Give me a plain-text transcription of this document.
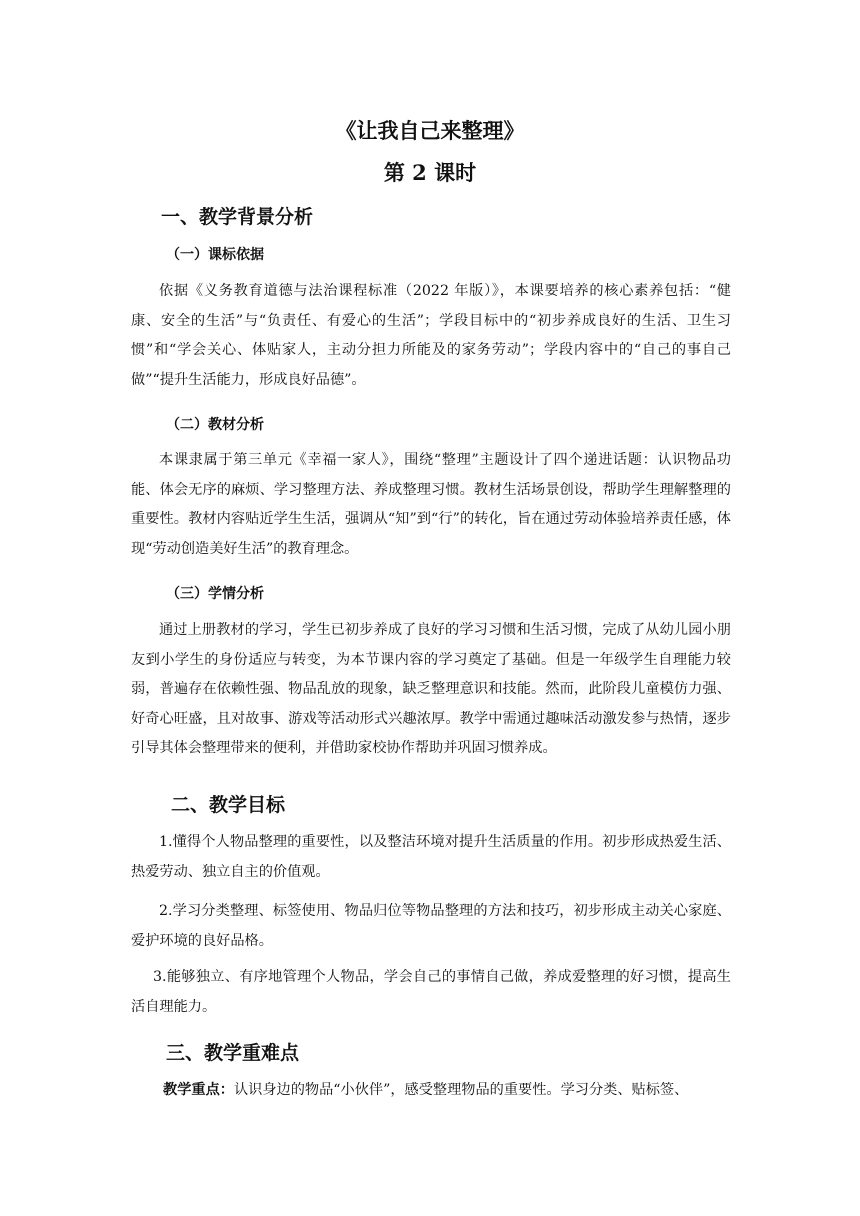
《让我自己来整理》
第 2 课时
一、教学背景分析
（一）课标依据

依据《义务教育道德与法治课程标准（2022 年版）》，本课要培养的核心素养包括：“健康、安全的生活”与“负责任、有爱心的生活”；学段目标中的“初步养成良好的生活、卫生习惯”和“学会关心、体贴家人，主动分担力所能及的家务劳动”；学段内容中的“自己的事自己做”“提升生活能力，形成良好品德”。

（二）教材分析

本课隶属于第三单元《幸福一家人》，围绕“整理”主题设计了四个递进话题：认识物品功能、体会无序的麻烦、学习整理方法、养成整理习惯。教材生活场景创设，帮助学生理解整理的重要性。教材内容贴近学生生活，强调从“知”到“行”的转化，旨在通过劳动体验培养责任感，体现“劳动创造美好生活”的教育理念。

（三）学情分析

通过上册教材的学习，学生已初步养成了良好的学习习惯和生活习惯，完成了从幼儿园小朋友到小学生的身份适应与转变，为本节课内容的学习奠定了基础。但是一年级学生自理能力较弱，普遍存在依赖性强、物品乱放的现象，缺乏整理意识和技能。然而，此阶段儿童模仿力强、好奇心旺盛，且对故事、游戏等活动形式兴趣浓厚。教学中需通过趣味活动激发参与热情，逐步引导其体会整理带来的便利，并借助家校协作帮助并巩固习惯养成。

二、教学目标

1.懂得个人物品整理的重要性，以及整洁环境对提升生活质量的作用。初步形成热爱生活、热爱劳动、独立自主的价值观。

2.学习分类整理、标签使用、物品归位等物品整理的方法和技巧，初步形成主动关心家庭、爱护环境的良好品格。

3.能够独立、有序地管理个人物品，学会自己的事情自己做，养成爱整理的好习惯，提高生活自理能力。

三、教学重难点

教学重点：认识身边的物品“小伙伴”，感受整理物品的重要性。学习分类、贴标签、
